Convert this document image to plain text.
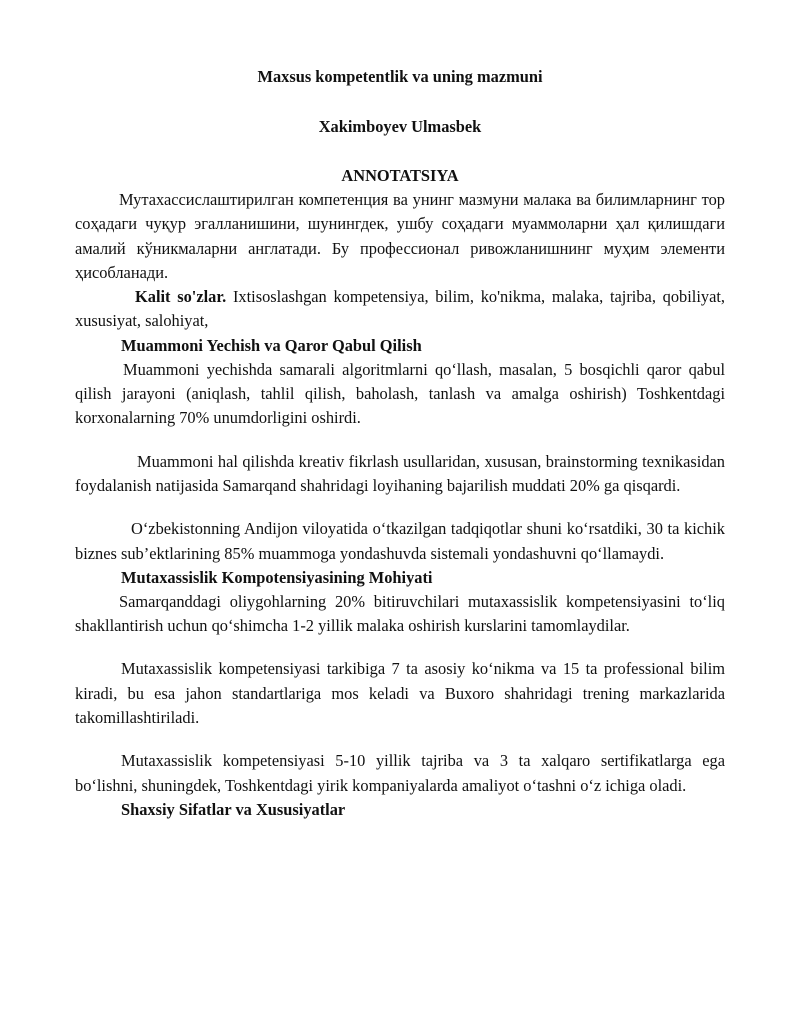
Maxsus kompetentlik va uning mazmuni
Xakimboyev Ulmasbek
ANNOTATSIYA

Мутахассислаштирилган компетенция ва унинг мазмуни малака ва билимларнинг тор соҳадаги чуқур эгалланишини, шунингдек, ушбу соҳадаги муаммоларни ҳал қилишдаги амалий кўникмаларни англатади. Бу профессионал ривожланишнинг муҳим элементи ҳисобланади.

Kalit so'zlar. Ixtisoslashgan kompetensiya, bilim, ko'nikma, malaka, tajriba, qobiliyat, xususiyat, salohiyat,

Muammoni Yechish va Qaror Qabul Qilish

Muammoni yechishda samarali algoritmlarni qo‘llash, masalan, 5 bosqichli qaror qabul qilish jarayoni (aniqlash, tahlil qilish, baholash, tanlash va amalga oshirish) Toshkentdagi korxonalarning 70% unumdorligini oshirdi.

Muammoni hal qilishda kreativ fikrlash usullaridan, xususan, brainstorming texnikasidan foydalanish natijasida Samarqand shahridagi loyihaning bajarilish muddati 20% ga qisqardi.

O‘zbekistonning Andijon viloyatida o‘tkazilgan tadqiqotlar shuni ko‘rsatdiki, 30 ta kichik biznes sub’ektlarining 85% muammoga yondashuvda sistemali yondashuvni qo‘llamaydi.

Mutaxassislik Kompotensiyasining Mohiyati

Samarqanddagi oliygohlarning 20% bitiruvchilari mutaxassislik kompetensiyasini to‘liq shakllantirish uchun qo‘shimcha 1-2 yillik malaka oshirish kurslarini tamomlaydilar.

Mutaxassislik kompetensiyasi tarkibiga 7 ta asosiy ko‘nikma va 15 ta professional bilim kiradi, bu esa jahon standartlariga mos keladi va Buxoro shahridagi trening markazlarida takomillashtiriladi.

Mutaxassislik kompetensiyasi 5-10 yillik tajriba va 3 ta xalqaro sertifikatlarga ega bo‘lishni, shuningdek, Toshkentdagi yirik kompaniyalarda amaliyot o‘tashni o‘z ichiga oladi.

Shaxsiy Sifatlar va Xususiyatlar
